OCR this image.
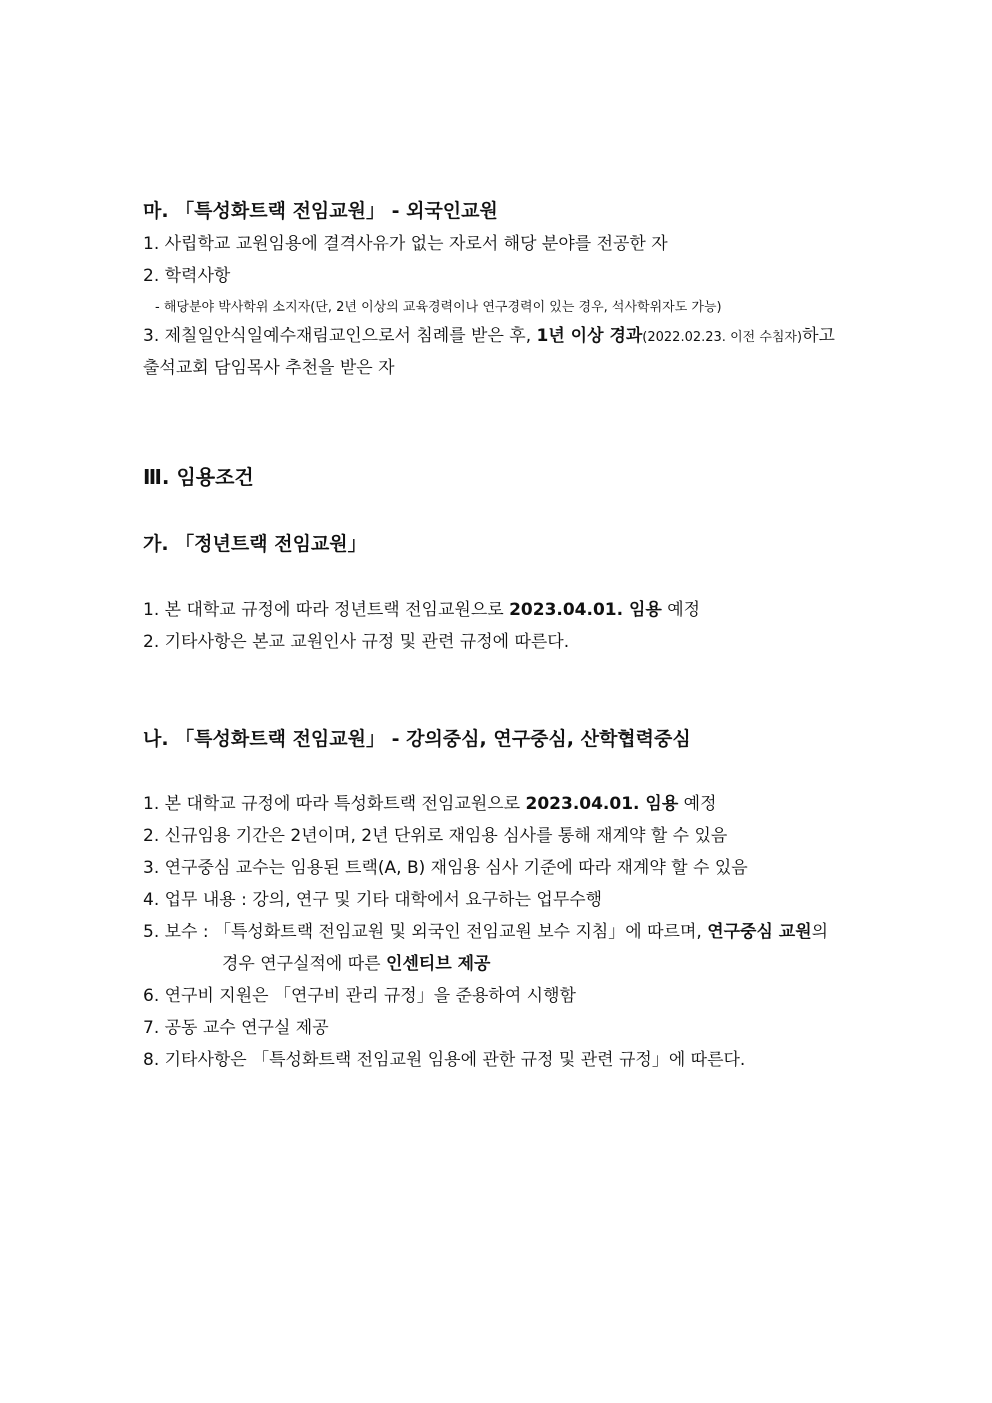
마. 「특성화트랙 전임교원」 - 외국인교원
1. 사립학교 교원임용에 결격사유가 없는 자로서 해당 분야를 전공한 자
2. 학력사항
- 해당분야 박사학위 소지자(단, 2년 이상의 교육경력이나 연구경력이 있는 경우, 석사학위자도 가능)
3. 제칠일안식일예수재림교인으로서 침례를 받은 후, 1년 이상 경과(2022.02.23. 이전 수침자)하고
출석교회 담임목사 추천을 받은 자
Ⅲ. 임용조건
가. 「정년트랙 전임교원」
1. 본 대학교 규정에 따라 정년트랙 전임교원으로 2023.04.01. 임용 예정
2. 기타사항은 본교 교원인사 규정 및 관련 규정에 따른다.
나. 「특성화트랙 전임교원」 - 강의중심, 연구중심, 산학협력중심
1. 본 대학교 규정에 따라 특성화트랙 전임교원으로 2023.04.01. 임용 예정
2. 신규임용 기간은 2년이며, 2년 단위로 재임용 심사를 통해 재계약 할 수 있음
3. 연구중심 교수는 임용된 트랙(A, B) 재임용 심사 기준에 따라 재계약 할 수 있음
4. 업무 내용 : 강의, 연구 및 기타 대학에서 요구하는 업무수행
5. 보수 : 「특성화트랙 전임교원 및 외국인 전임교원 보수 지침」에 따르며, 연구중심 교원의
경우 연구실적에 따른 인센티브 제공
6. 연구비 지원은 「연구비 관리 규정」을 준용하여 시행함
7. 공동 교수 연구실 제공
8. 기타사항은 「특성화트랙 전임교원 임용에 관한 규정 및 관련 규정」에 따른다.
